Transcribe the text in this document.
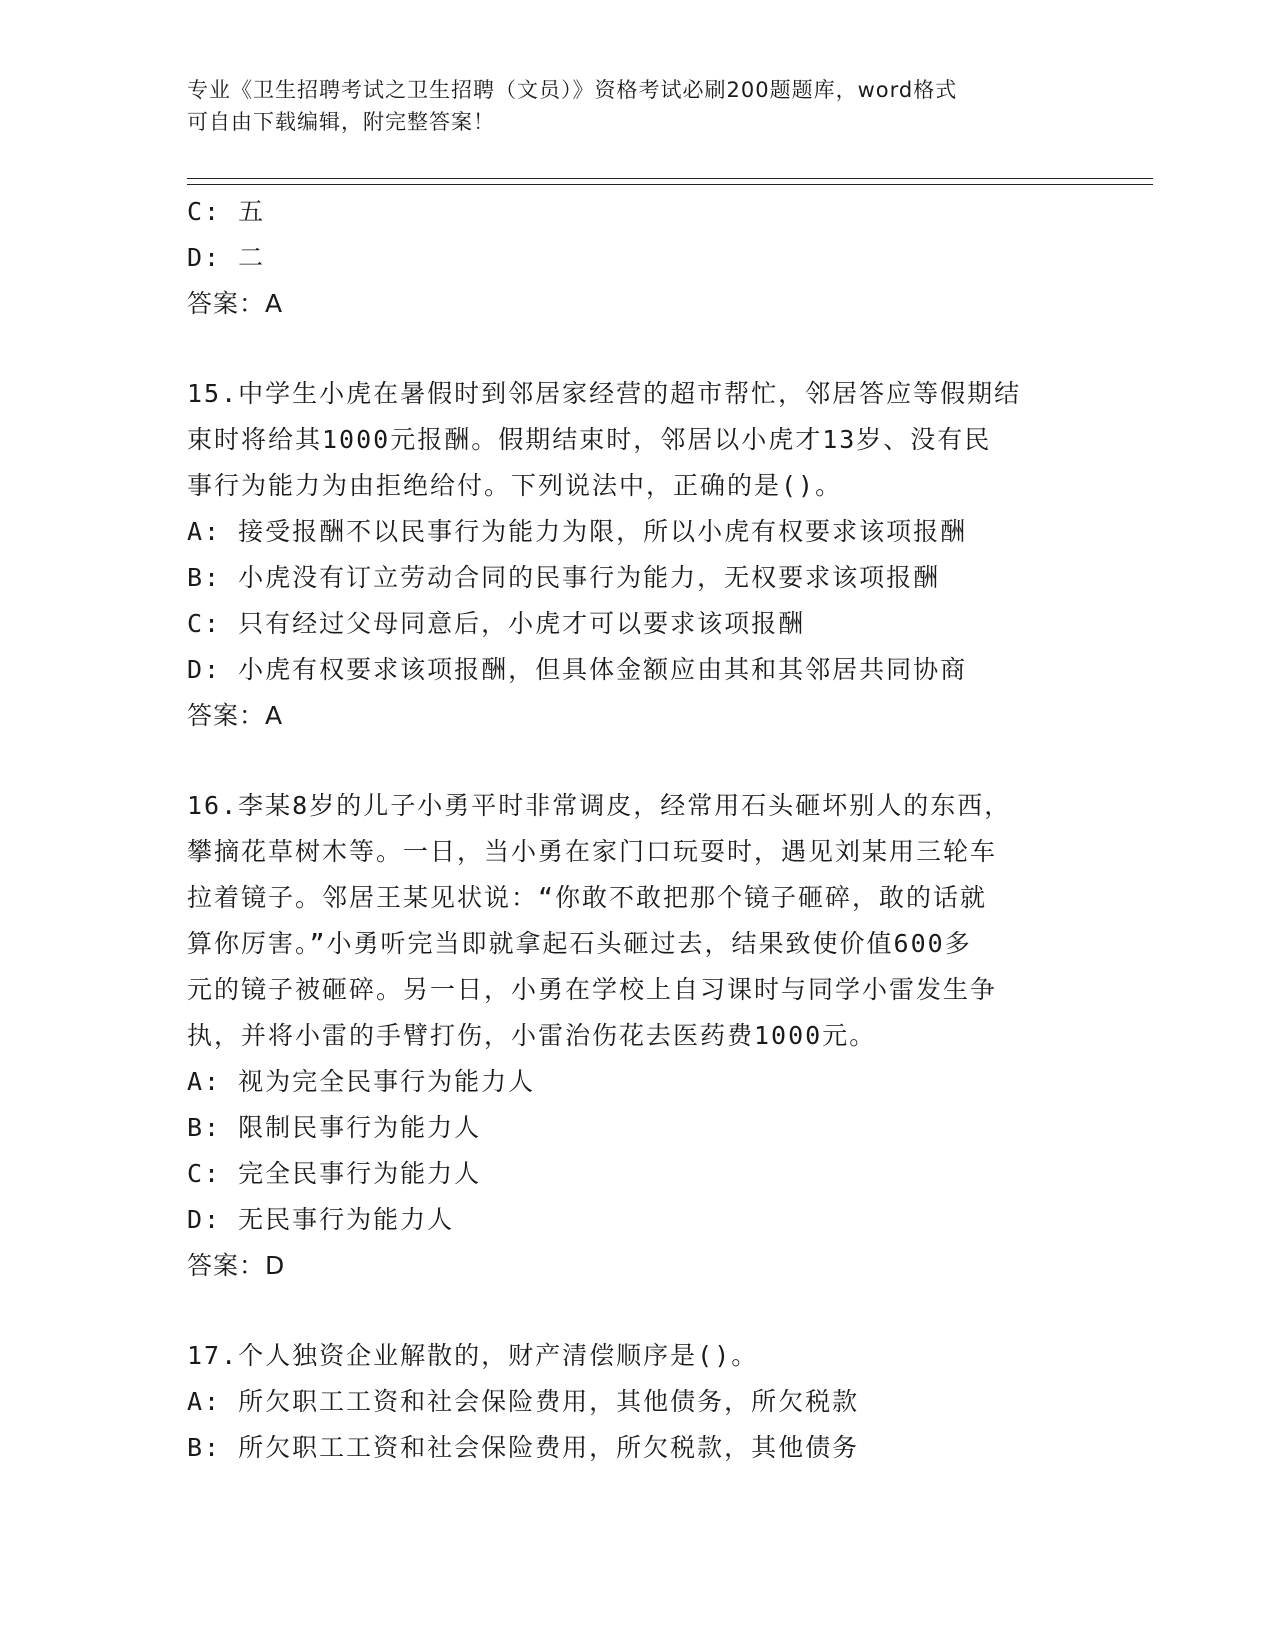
专业《卫生招聘考试之卫生招聘（文员）》资格考试必刷200题题库，word格式
可自由下载编辑，附完整答案！
C: 五
D: 二
答案：A
15.中学生小虎在暑假时到邻居家经营的超市帮忙，邻居答应等假期结
束时将给其1000元报酬。假期结束时，邻居以小虎才13岁、没有民
事行为能力为由拒绝给付。下列说法中，正确的是()。
A: 接受报酬不以民事行为能力为限，所以小虎有权要求该项报酬
B: 小虎没有订立劳动合同的民事行为能力，无权要求该项报酬
C: 只有经过父母同意后，小虎才可以要求该项报酬
D: 小虎有权要求该项报酬，但具体金额应由其和其邻居共同协商
答案：A
16.李某8岁的儿子小勇平时非常调皮，经常用石头砸坏别人的东西，
攀摘花草树木等。一日，当小勇在家门口玩耍时，遇见刘某用三轮车
拉着镜子。邻居王某见状说：“你敢不敢把那个镜子砸碎，敢的话就
算你厉害。”小勇听完当即就拿起石头砸过去，结果致使价值600多
元的镜子被砸碎。另一日，小勇在学校上自习课时与同学小雷发生争
执，并将小雷的手臂打伤，小雷治伤花去医药费1000元。
A: 视为完全民事行为能力人
B: 限制民事行为能力人
C: 完全民事行为能力人
D: 无民事行为能力人
答案：D
17.个人独资企业解散的，财产清偿顺序是()。
A: 所欠职工工资和社会保险费用，其他债务，所欠税款
B: 所欠职工工资和社会保险费用，所欠税款，其他债务
